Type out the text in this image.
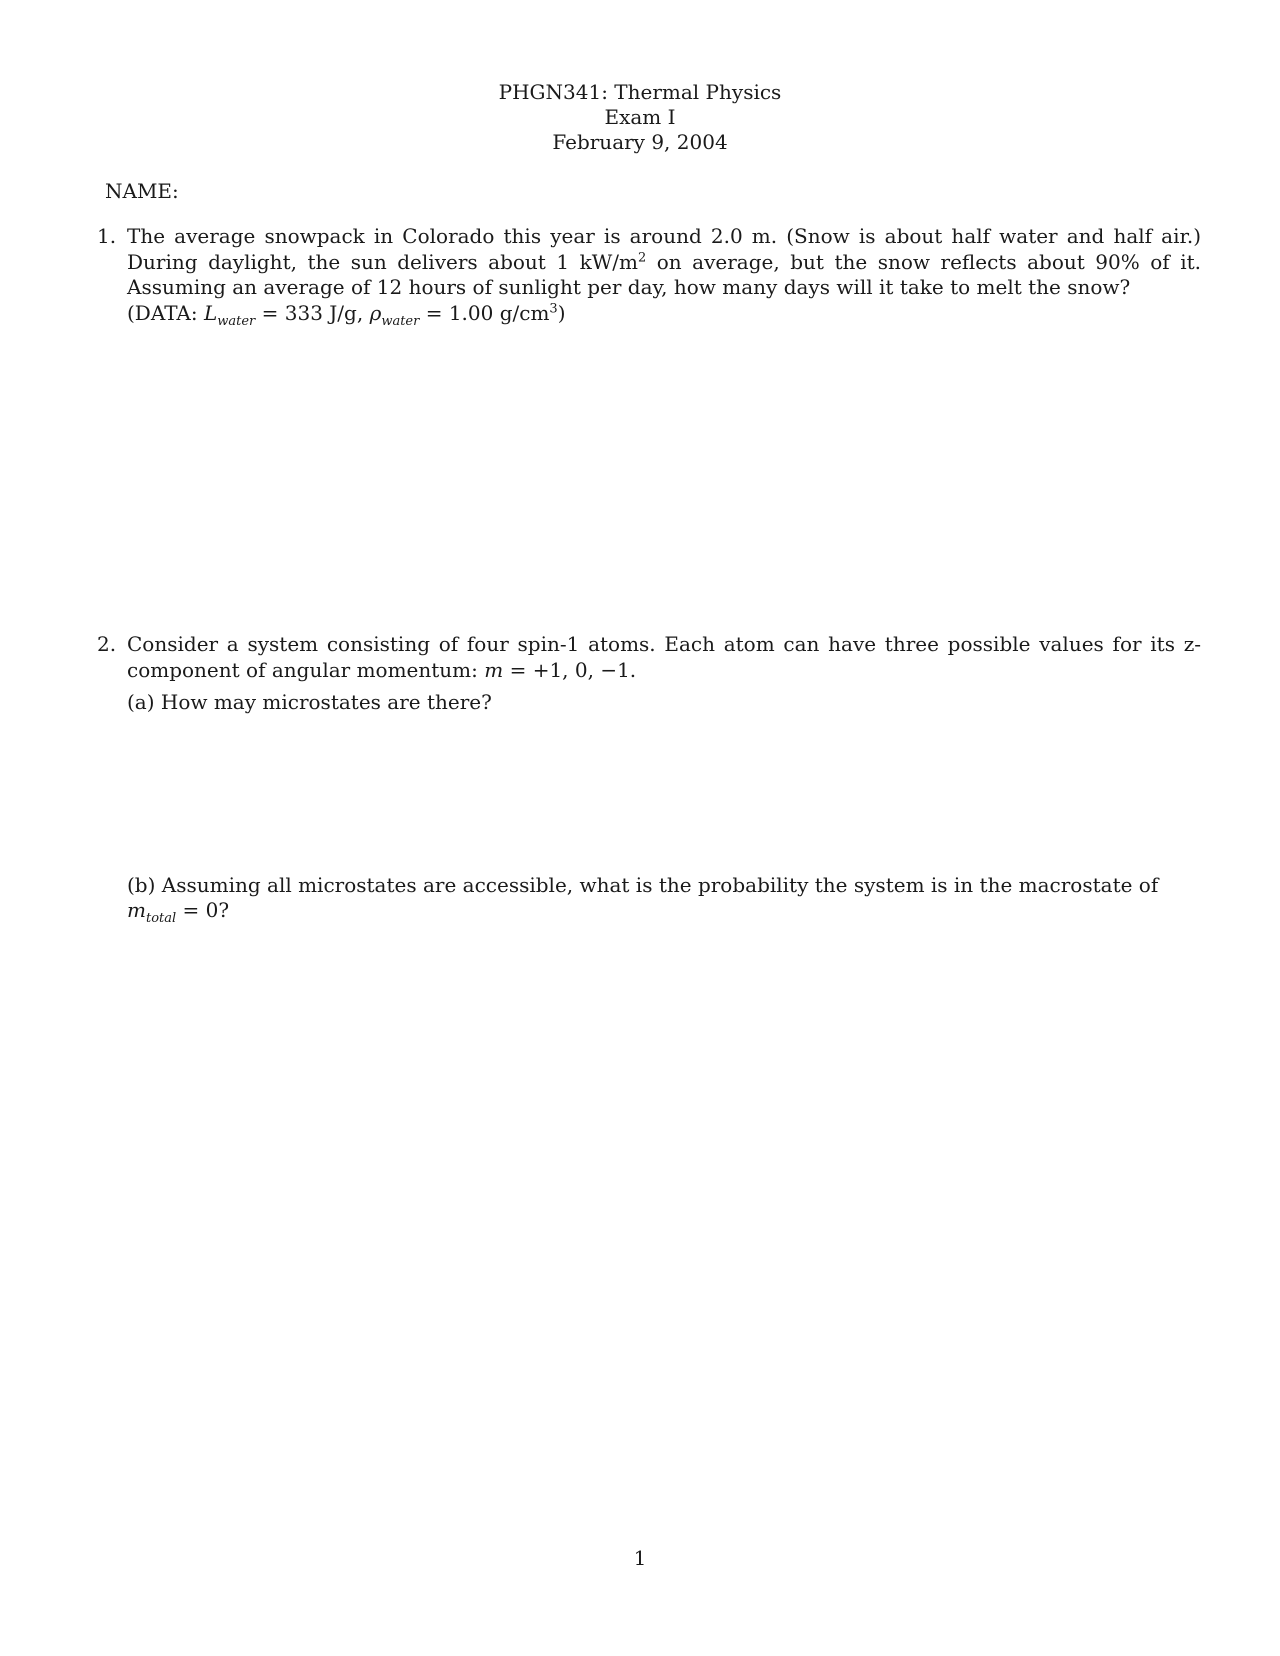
PHGN341: Thermal Physics
Exam I
February 9, 2004
NAME:
1. The average snowpack in Colorado this year is around 2.0 m. (Snow is about half water and half air.) During daylight, the sun delivers about 1 $kW/m^2$ on average, but the snow reflects about 90% of it. Assuming an average of 12 hours of sunlight per day, how many days will it take to melt the snow?
(DATA: $L_{water} = 333$ J/g, $\rho_{water} = 1.00$ $g/cm^3$)
2. Consider a system consisting of four spin-1 atoms. Each atom can have three possible values for its z-component of angular momentum: m = +1, 0, −1.
(a) How may microstates are there?
(b) Assuming all microstates are accessible, what is the probability the system is in the macrostate of $m_{total} = 0$?
1
